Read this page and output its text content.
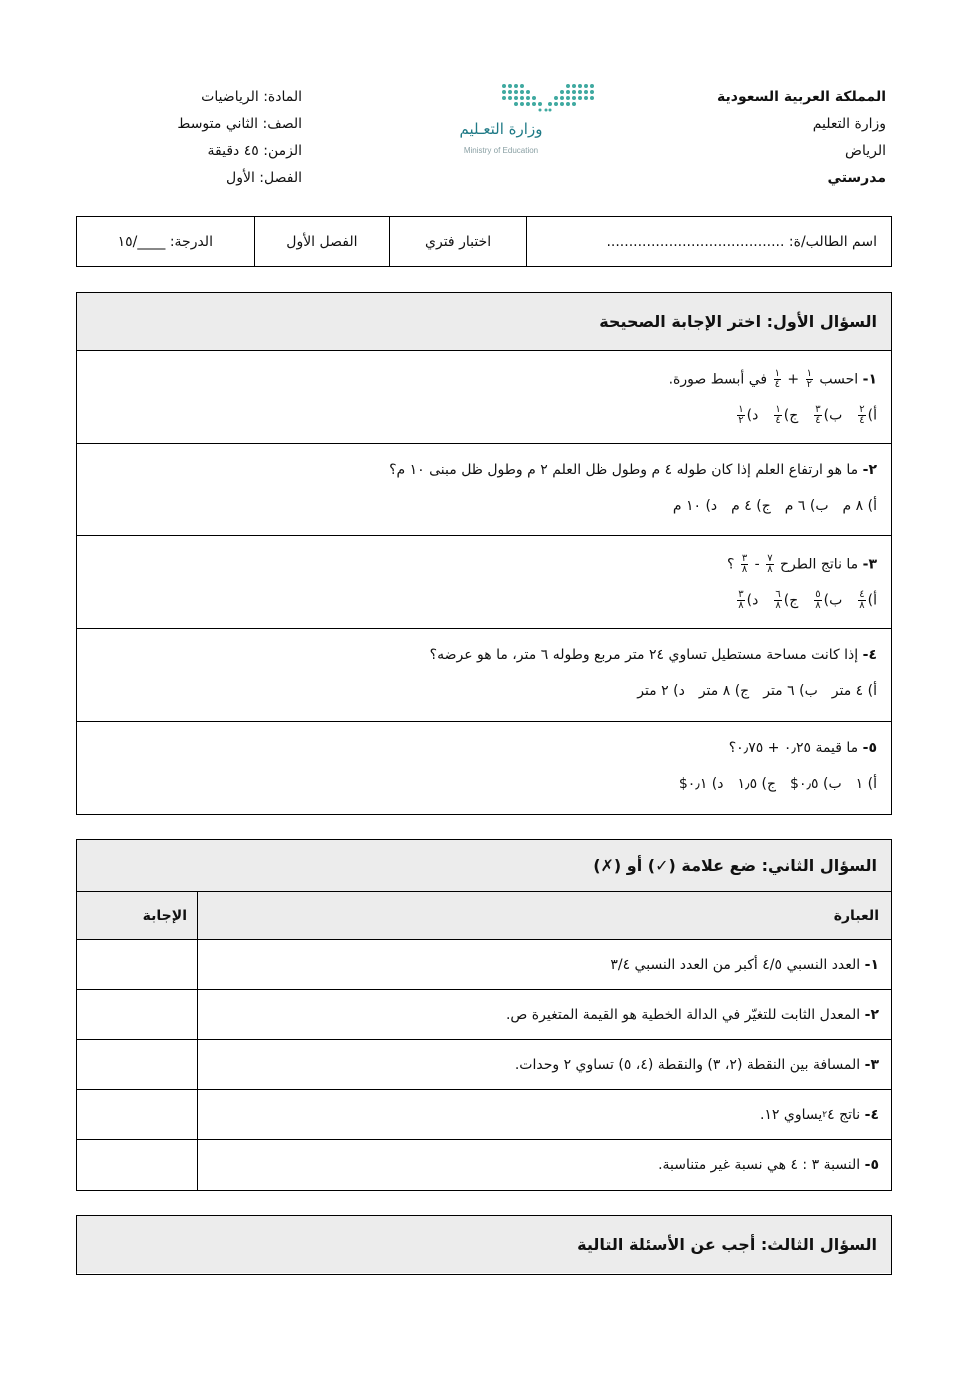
المملكة العربية السعودية
وزارة التعليم
الرياض
مدرستي
وزارة التعـليم
Ministry of Education
المادة: الرياضيات
الصف: الثاني متوسط
الزمن: ٤٥ دقيقة
الفصل: الأول
اسم الطالب/ة: ........................................
اختبار فتري
الفصل الأول
الدرجة: ____/١٥
السؤال الأول: اختر الإجابة الصحيحة
١- احسب
١
٢
+
١
٤
في أبسط صورة.
أ)
٢
٤
ب)
٣
٤
ج)
١
٤
د)
١
٢
٢- ما هو ارتفاع العلم إذا كان طوله ٤ م وطول ظل العلم ٢ م وطول ظل مبنى ١٠ م؟
أ) ٨ م
ب) ٦ م
ج) ٤ م
د) ١٠ م
٣- ما ناتج الطرح
٧
٨
-
٣
٨
؟
أ)
٤
٨
ب)
٥
٨
ج)
٦
٨
د)
٣
٨
٤- إذا كانت مساحة مستطيل تساوي ٢٤ متر مربع وطوله ٦ متر، ما هو عرضه؟
أ) ٤ متر
ب) ٦ متر
ج) ٨ متر
د) ٢ متر
٥- ما قيمة ٠٫٢٥ + ٠٫٧٥؟
أ) ١
ب) ٠٫٥$
ج) ١٫٥
د) ٠٫١$
السؤال الثاني: ضع علامة (✓) أو (✗)
العبارة
الإجابة
١-

العدد النسبي ٤/٥ أكبر من العدد النسبي ٣/٤
٢-

المعدل الثابت للتغيّر في الدالة الخطية هو القيمة المتغيرة ص.
٣-

المسافة بين النقطة (٢، ٣) والنقطة (٤، ٥) تساوي ٢ وحدات.
٤-

ناتج ٤
٢
يساوي ١٢.
٥-

النسبة ٣ : ٤ هي نسبة غير متناسبة.
السؤال الثالث: أجب عن الأسئلة التالية
